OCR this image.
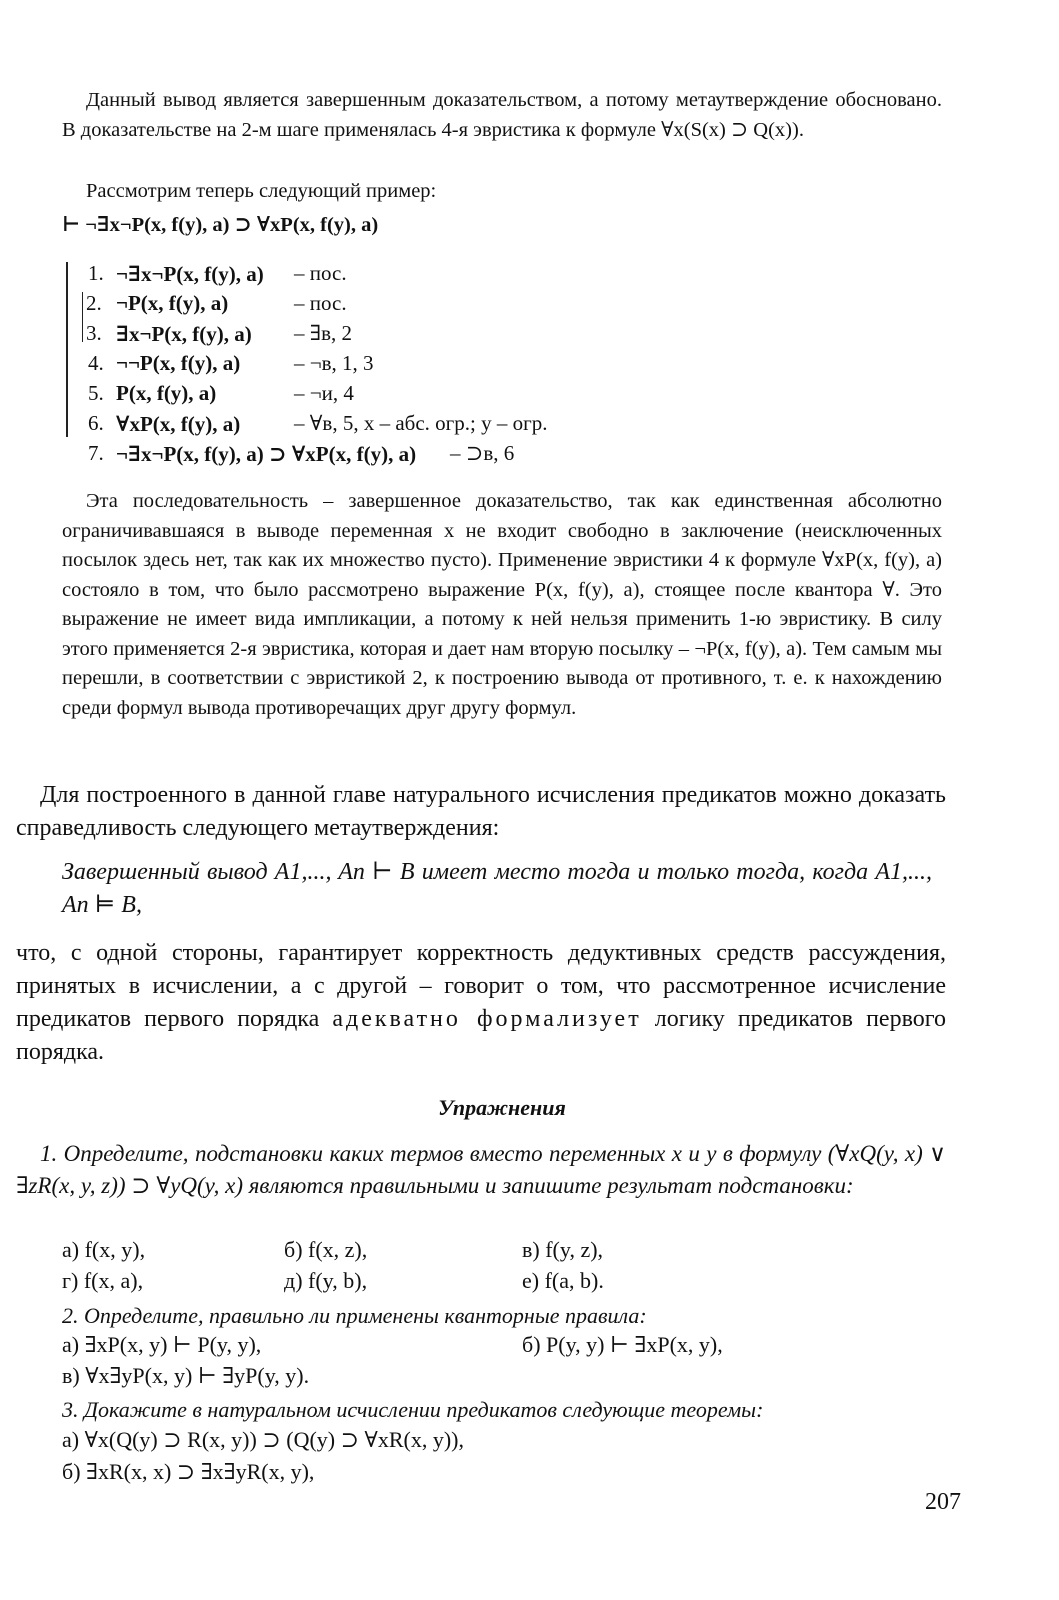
Данный вывод является завершенным доказательством, а потому метаутверждение обосновано. В доказательстве на 2-м шаге применялась 4-я эвристика к формуле ∀x(S(x) ⊃ Q(x)).
Рассмотрим теперь следующий пример:
⊢ ¬∃x¬P(x, f(y), a) ⊃ ∀xP(x, f(y), a)
1. ¬∃x¬P(x, f(y), a) – пос.
2. ¬P(x, f(y), a)	– пос.
3. ∃x¬P(x, f(y), a) – ∃в, 2
4. ¬¬P(x, f(y), a)	– ¬в, 1, 3
5. P(x, f(y), a)	– ¬и, 4
6. ∀xP(x, f(y), a)	– ∀в, 5, x – абс. огр.; y – огр.
7. ¬∃x¬P(x, f(y), a) ⊃ ∀xP(x, f(y), a) – ⊃в, 6
Эта последовательность – завершенное доказательство, так как единственная абсолютно ограничивавшаяся в выводе переменная x не входит свободно в заключение (неисключенных посылок здесь нет, так как их множество пусто). Применение эвристики 4 к формуле ∀xP(x, f(y), a) состояло в том, что было рассмотрено выражение P(x, f(y), a), стоящее после квантора ∀. Это выражение не имеет вида импликации, а потому к ней нельзя применить 1-ю эвристику. В силу этого применяется 2-я эвристика, которая и дает нам вторую посылку – ¬P(x, f(y), a). Тем самым мы перешли, в соответствии с эвристикой 2, к построению вывода от противного, т. е. к нахождению среди формул вывода противоречащих друг другу формул.
Для построенного в данной главе натурального исчисления предикатов можно доказать справедливость следующего метаутверждения:
Завершенный вывод A1,..., An ⊢ B имеет место тогда и только тогда, когда A1,..., An ⊨ B,
что, с одной стороны, гарантирует корректность дедуктивных средств рассуждения, принятых в исчислении, а с другой – говорит о том, что рассмотренное исчисление предикатов первого порядка адекватно формализует логику предикатов первого порядка.
Упражнения
1. Определите, подстановки каких термов вместо переменных x и y в формулу (∀xQ(y, x) ∨ ∃zR(x, y, z)) ⊃ ∀yQ(y, x) являются правильными и запишите результат подстановки:
а) f(x, y),	б) f(x, z),	в) f(y, z),
г) f(x, a),	д) f(y, b),	е) f(a, b).
2. Определите, правильно ли применены кванторные правила:
а) ∃xP(x, y) ⊢ P(y, y),	б) P(y, y) ⊢ ∃xP(x, y),
в) ∀x∃yP(x, y) ⊢ ∃yP(y, y).
3. Докажите в натуральном исчислении предикатов следующие теоремы:
а) ∀x(Q(y) ⊃ R(x, y)) ⊃ (Q(y) ⊃ ∀xR(x, y)),
б) ∃xR(x, x) ⊃ ∃x∃yR(x, y),
207
